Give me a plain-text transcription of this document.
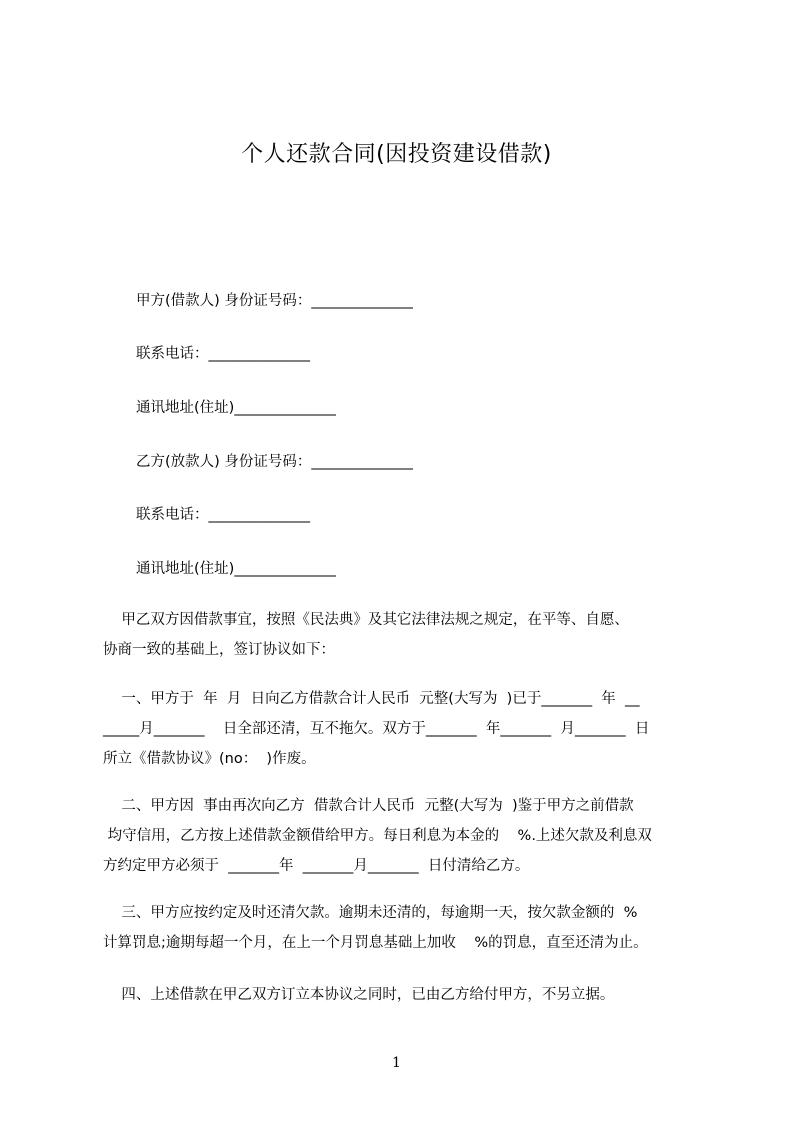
个人还款合同(因投资建设借款)
甲方(借款人) 身份证号码：______________
联系电话：______________
通讯地址(住址)______________
乙方(放款人) 身份证号码：______________
联系电话：______________
通讯地址(住址)______________
甲乙双方因借款事宜，按照《民法典》及其它法律法规之规定，在平等、自愿、
协商一致的基础上，签订协议如下：
一、甲方于  年  月  日向乙方借款合计人民币  元整(大写为  )已于_______  年  __
_____月_______    日全部还清，互不拖欠。双方于_______  年_______  月_______  日
所立《借款协议》(no：  )作废。
二、甲方因  事由再次向乙方  借款合计人民币  元整(大写为  )鉴于甲方之前借款
均守信用，乙方按上述借款金额借给甲方。每日利息为本金的    %.上述欠款及利息双
方约定甲方必须于  _______年  _______月_______  日付清给乙方。
三、甲方应按约定及时还清欠款。逾期未还清的，每逾期一天，按欠款金额的  %
计算罚息;逾期每超一个月，在上一个月罚息基础上加收    %的罚息，直至还清为止。
四、上述借款在甲乙双方订立本协议之同时，已由乙方给付甲方，不另立据。
1
